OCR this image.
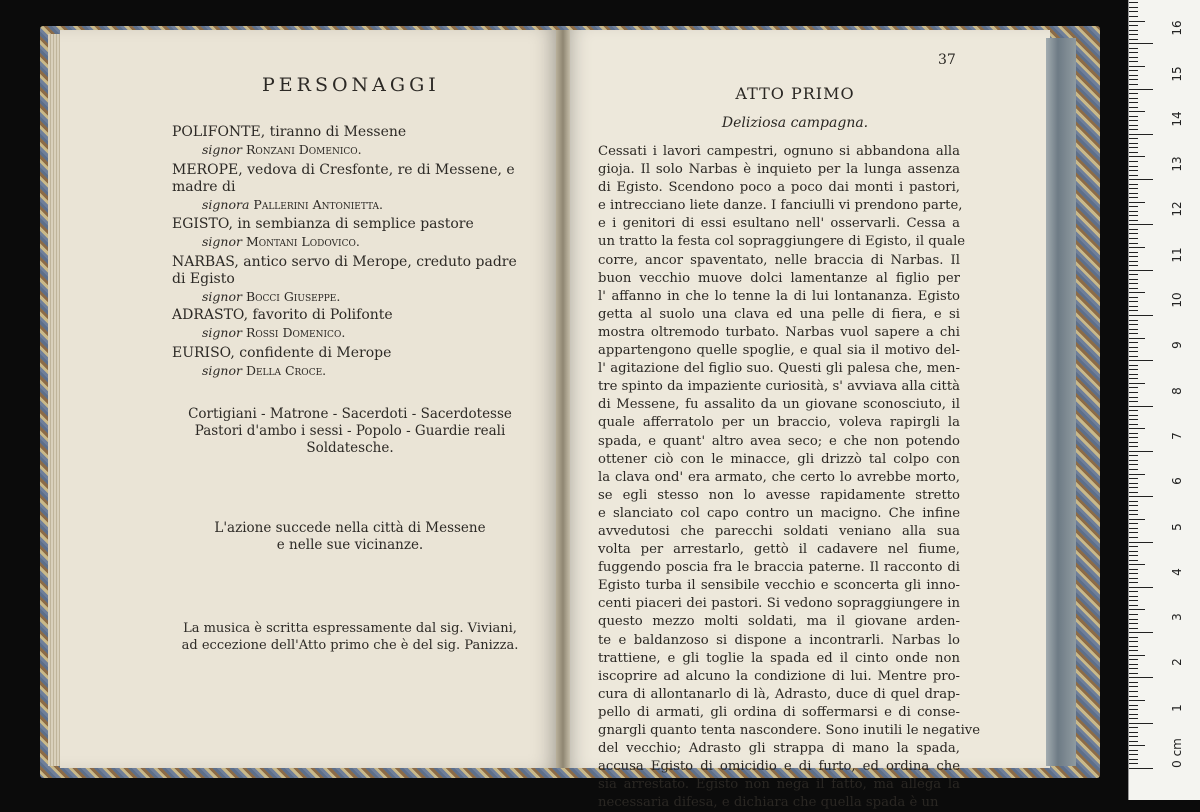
PERSONAGGI
POLIFONTE, tiranno di Messene
signor Ronzani Domenico.
MEROPE, vedova di Cresfonte, re di Messene, e madre di
signora Pallerini Antonietta.
EGISTO, in sembianza di semplice pastore
signor Montani Lodovico.
NARBAS, antico servo di Merope, creduto padre di Egisto
signor Bocci Giuseppe.
ADRASTO, favorito di Polifonte
signor Rossi Domenico.
EURISO, confidente di Merope
signor Della Croce.
Cortigiani - Matrone - Sacerdoti - Sacerdotesse
Pastori d'ambo i sessi - Popolo - Guardie reali
Soldatesche.
L'azione succede nella città di Messene
e nelle sue vicinanze.
La musica è scritta espressamente dal sig. Viviani,
ad eccezione dell'Atto primo che è del sig. Panizza.
37
ATTO PRIMO
Deliziosa campagna.
Cessati i lavori campestri, ognuno si abbandona alla
gioja. Il solo Narbas è inquieto per la lunga assenza
di Egisto. Scendono poco a poco dai monti i pastori,
e intrecciano liete danze. I fanciulli vi prendono parte,
e i genitori di essi esultano nell' osservarli. Cessa a
un tratto la festa col sopraggiungere di Egisto, il quale
corre, ancor spaventato, nelle braccia di Narbas. Il
buon vecchio muove dolci lamentanze al figlio per
l' affanno in che lo tenne la di lui lontananza. Egisto
getta al suolo una clava ed una pelle di fiera, e si
mostra oltremodo turbato. Narbas vuol sapere a chi
appartengono quelle spoglie, e qual sia il motivo del-
l' agitazione del figlio suo. Questi gli palesa che, men-
tre spinto da impaziente curiosità, s' avviava alla città
di Messene, fu assalito da un giovane sconosciuto, il
quale afferratolo per un braccio, voleva rapirgli la
spada, e quant' altro avea seco; e che non potendo
ottener ciò con le minacce, gli drizzò tal colpo con
la clava ond' era armato, che certo lo avrebbe morto,
se egli stesso non lo avesse rapidamente stretto
e slanciato col capo contro un macigno. Che infine
avvedutosi che parecchi soldati veniano alla sua
volta per arrestarlo, gettò il cadavere nel fiume,
fuggendo poscia fra le braccia paterne. Il racconto di
Egisto turba il sensibile vecchio e sconcerta gli inno-
centi piaceri dei pastori. Si vedono sopraggiungere in
questo mezzo molti soldati, ma il giovane arden-
te e baldanzoso si dispone a incontrarli. Narbas lo
trattiene, e gli toglie la spada ed il cinto onde non
iscoprire ad alcuno la condizione di lui. Mentre pro-
cura di allontanarlo di là, Adrasto, duce di quel drap-
pello di armati, gli ordina di soffermarsi e di conse-
gnargli quanto tenta nascondere. Sono inutili le negative
del vecchio; Adrasto gli strappa di mano la spada,
accusa Egisto di omicidio e di furto, ed ordina che
sia arrestato. Egisto non nega il fatto, ma allega la
necessaria difesa, e dichiara che quella spada è un
0 cm
1
2
3
4
5
6
7
8
9
10
11
12
13
14
15
16
